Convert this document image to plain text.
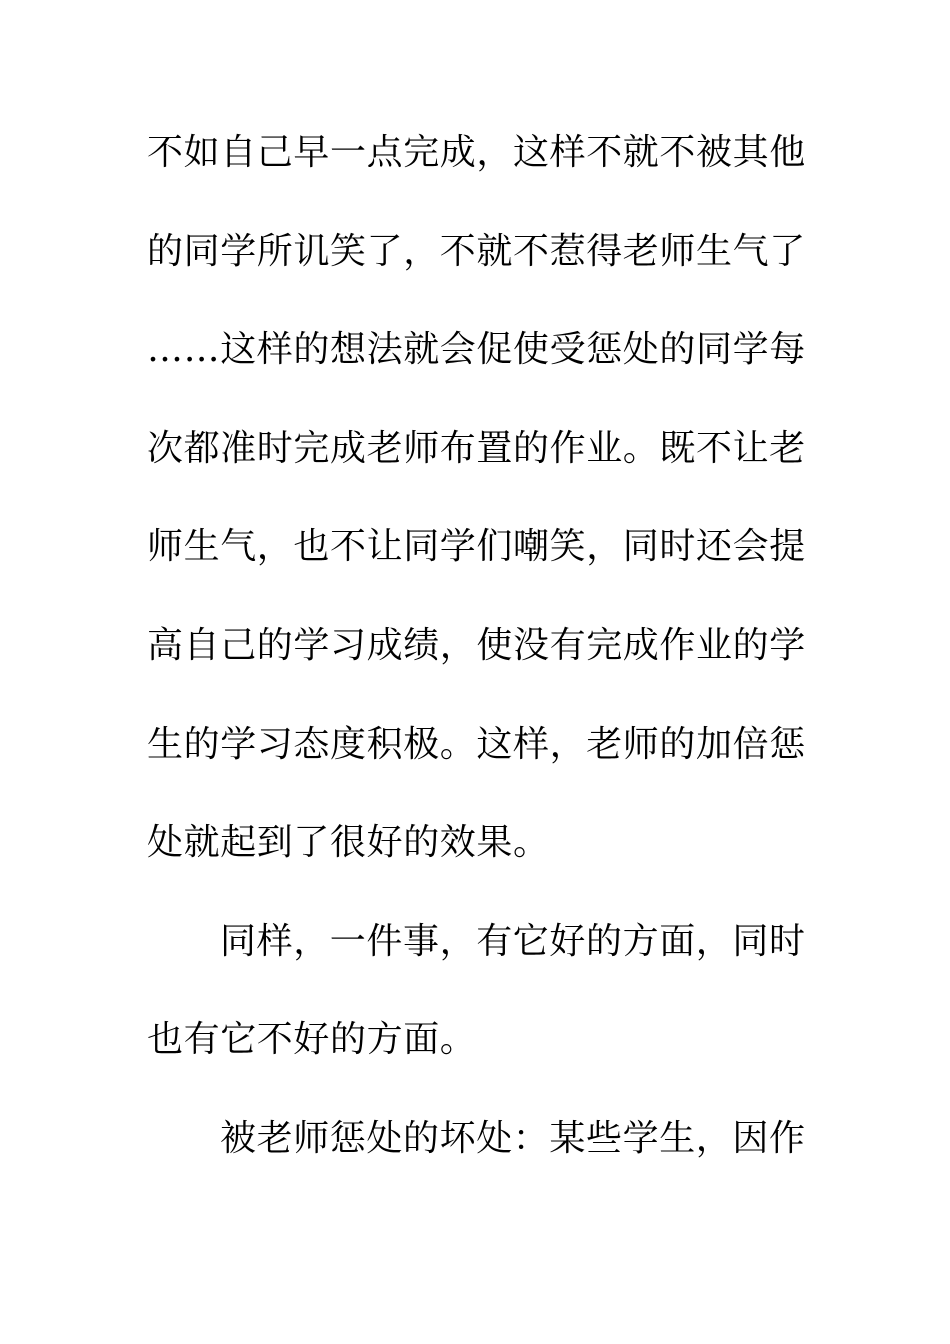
不如自己早一点完成，这样不就不被其他
的同学所讥笑了，不就不惹得老师生气了
……这样的想法就会促使受惩处的同学每
次都准时完成老师布置的作业。既不让老
师生气，也不让同学们嘲笑，同时还会提
高自己的学习成绩，使没有完成作业的学
生的学习态度积极。这样，老师的加倍惩
处就起到了很好的效果。
同样，一件事，有它好的方面，同时
也有它不好的方面。
被老师惩处的坏处：某些学生，因作
